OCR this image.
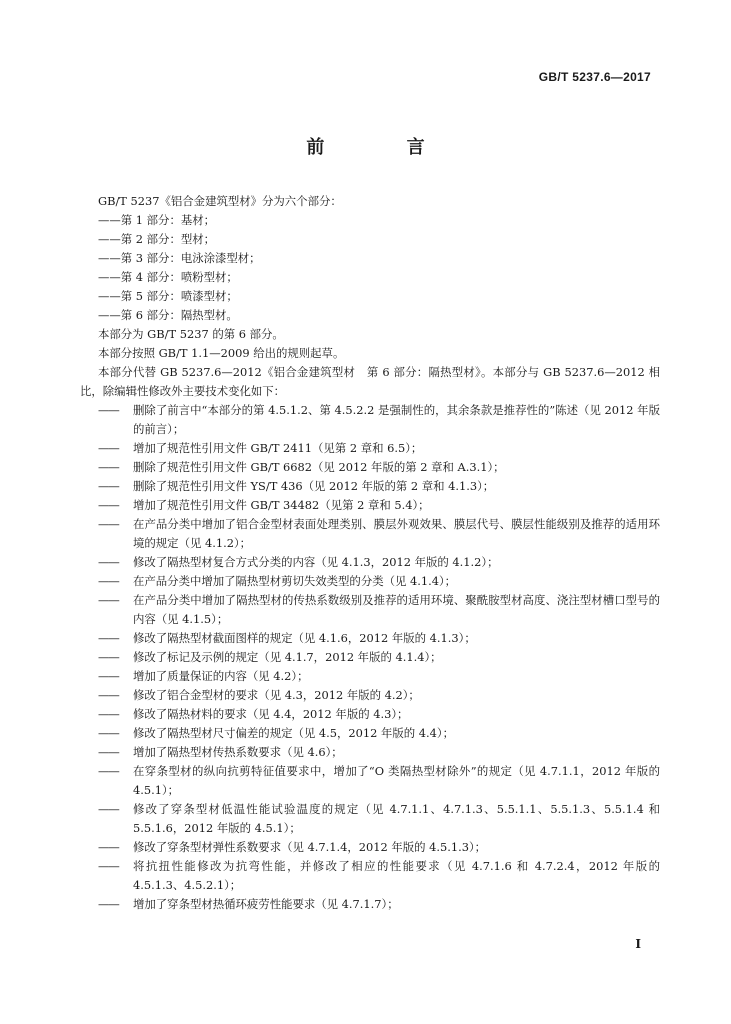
GB/T 5237.6—2017
前 言

GB/T 5237《铝合金建筑型材》分为六个部分：

——第 1 部分：基材；

——第 2 部分：型材；

——第 3 部分：电泳涂漆型材；

——第 4 部分：喷粉型材；

——第 5 部分：喷漆型材；

——第 6 部分：隔热型材。

本部分为 GB/T 5237 的第 6 部分。

本部分按照 GB/T 1.1—2009 给出的规则起草。

本部分代替 GB 5237.6—2012《铝合金建筑型材　第 6 部分：隔热型材》。本部分与 GB 5237.6—2012 相比，除编辑性修改外主要技术变化如下：

——	删除了前言中“本部分的第 4.5.1.2、第 4.5.2.2 是强制性的，其余条款是推荐性的”陈述（见 2012 年版的前言）；
——	增加了规范性引用文件 GB/T 2411（见第 2 章和 6.5）；
——	删除了规范性引用文件 GB/T 6682（见 2012 年版的第 2 章和 A.3.1）；
——	删除了规范性引用文件 YS/T 436（见 2012 年版的第 2 章和 4.1.3）；
——	增加了规范性引用文件 GB/T 34482（见第 2 章和 5.4）；
——	在产品分类中增加了铝合金型材表面处理类别、膜层外观效果、膜层代号、膜层性能级别及推荐的适用环境的规定（见 4.1.2）；
——	修改了隔热型材复合方式分类的内容（见 4.1.3，2012 年版的 4.1.2）；
——	在产品分类中增加了隔热型材剪切失效类型的分类（见 4.1.4）；
——	在产品分类中增加了隔热型材的传热系数级别及推荐的适用环境、聚酰胺型材高度、浇注型材槽口型号的内容（见 4.1.5）；
——	修改了隔热型材截面图样的规定（见 4.1.6，2012 年版的 4.1.3）；
——	修改了标记及示例的规定（见 4.1.7，2012 年版的 4.1.4）；
——	增加了质量保证的内容（见 4.2）；
——	修改了铝合金型材的要求（见 4.3，2012 年版的 4.2）；
——	修改了隔热材料的要求（见 4.4，2012 年版的 4.3）；
——	修改了隔热型材尺寸偏差的规定（见 4.5，2012 年版的 4.4）；
——	增加了隔热型材传热系数要求（见 4.6）；
——	在穿条型材的纵向抗剪特征值要求中，增加了“O 类隔热型材除外”的规定（见 4.7.1.1，2012 年版的 4.5.1）；
——	修改了穿条型材低温性能试验温度的规定（见 4.7.1.1、4.7.1.3、5.5.1.1、5.5.1.3、5.5.1.4 和 5.5.1.6，2012 年版的 4.5.1）；
——	修改了穿条型材弹性系数要求（见 4.7.1.4，2012 年版的 4.5.1.3）；
——	将抗扭性能修改为抗弯性能，并修改了相应的性能要求（见 4.7.1.6 和 4.7.2.4，2012 年版的 4.5.1.3、4.5.2.1）；
——	增加了穿条型材热循环疲劳性能要求（见 4.7.1.7）；
I
